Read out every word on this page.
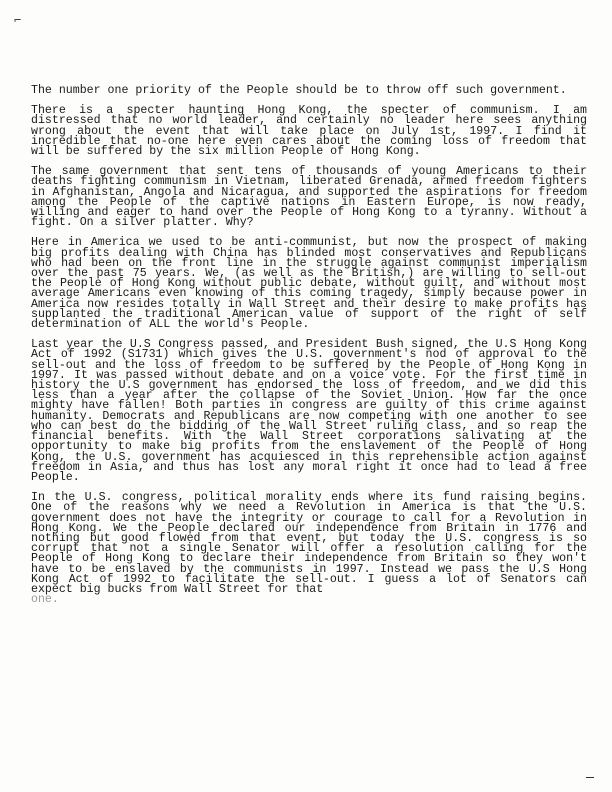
⌐

The number one priority of the People should be to throw off such government.

There is a specter haunting Hong Kong, the specter of communism. I am distressed that no world leader, and certainly no leader here sees anything wrong about the event that will take place on July 1st, 1997. I find it incredible that no-one here even cares about the coming loss of freedom that will be suffered by the six million People of Hong Kong.

The same government that sent tens of thousands of young Americans to their deaths fighting communism in Vietnam, liberated Grenada, armed freedom fighters in Afghanistan, Angola and Nicaragua, and supported the aspirations for freedom among the People of the captive nations in Eastern Europe, is now ready, willing and eager to hand over the People of Hong Kong to a tyranny. Without a fight. On a silver platter. Why?

Here in America we used to be anti-communist, but now the prospect of making big profits dealing with China has blinded most conservatives and Republicans who had been on the front line in the struggle against communist imperialism over the past 75 years. We, (as well as the British,) are willing to sell-out the People of Hong Kong without public debate, without guilt, and without most average Americans even knowing of this coming tragedy, simply because power in America now resides totally in Wall Street and their desire to make profits has supplanted the traditional American value of support of the right of self determination of ALL the world's People.

Last year the U.S Congress passed, and President Bush signed, the U.S Hong Kong Act of 1992 (S1731) which gives the U.S. government's nod of approval to the sell-out and the loss of freedom to be suffered by the People of Hong Kong in 1997. It was passed without debate and on a voice vote. For the first time in history the U.S government has endorsed the loss of freedom, and we did this less than a year after the collapse of the Soviet Union. How far the once mighty have fallen! Both parties in congress are guilty of this crime against humanity. Democrats and Republicans are now competing with one another to see who can best do the bidding of the Wall Street ruling class, and so reap the financial benefits. With the Wall Street corporations salivating at the opportunity to make big profits from the enslavement of the People of Hong Kong, the U.S. government has acquiesced in this reprehensible action against freedom in Asia, and thus has lost any moral right it once had to lead a free People.

In the U.S. congress, political morality ends where its fund raising begins. One of the reasons why we need a Revolution in America is that the U.S. government does not have the integrity or courage to call for a Revolution in Hong Kong. We the People declared our independence from Britain in 1776 and nothing but good flowed from that event, but today the U.S. congress is so corrupt that not a single Senator will offer a resolution calling for the People of Hong Kong to declare their independence from Britain so they won't have to be enslaved by the communists in 1997. Instead we pass the U.S Hong Kong Act of 1992 to facilitate the sell-out. I guess a lot of Senators can expect big bucks from Wall Street for that
one.
